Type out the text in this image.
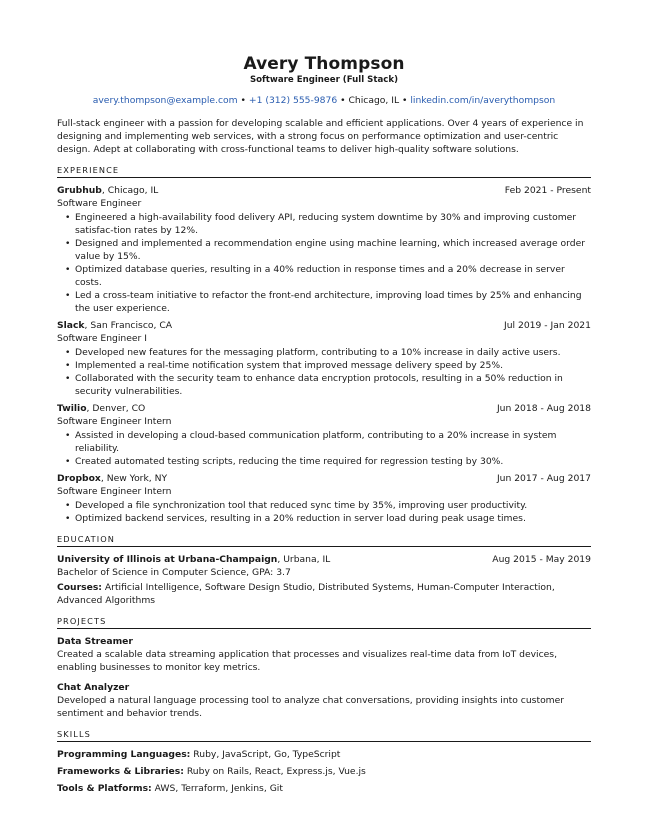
Avery Thompson
Software Engineer (Full Stack)
avery.thompson@example.com • +1 (312) 555-9876 • Chicago, IL • linkedin.com/in/averythompson
Full-stack engineer with a passion for developing scalable and efficient applications. Over 4 years of experience in designing and implementing web services, with a strong focus on performance optimization and user-centric design. Adept at collaborating with cross-functional teams to deliver high-quality software solutions.
EXPERIENCE
Grubhub, Chicago, IL	Feb 2021 - Present
Software Engineer
• Engineered a high-availability food delivery API, reducing system downtime by 30% and improving customer satisfac-tion rates by 12%.
• Designed and implemented a recommendation engine using machine learning, which increased average order value by 15%.
• Optimized database queries, resulting in a 40% reduction in response times and a 20% decrease in server costs.
• Led a cross-team initiative to refactor the front-end architecture, improving load times by 25% and enhancing the user experience.
Slack, San Francisco, CA	Jul 2019 - Jan 2021
Software Engineer I
• Developed new features for the messaging platform, contributing to a 10% increase in daily active users.
• Implemented a real-time notification system that improved message delivery speed by 25%.
• Collaborated with the security team to enhance data encryption protocols, resulting in a 50% reduction in security vulnerabilities.
Twilio, Denver, CO	Jun 2018 - Aug 2018
Software Engineer Intern
• Assisted in developing a cloud-based communication platform, contributing to a 20% increase in system reliability.
• Created automated testing scripts, reducing the time required for regression testing by 30%.
Dropbox, New York, NY	Jun 2017 - Aug 2017
Software Engineer Intern
• Developed a file synchronization tool that reduced sync time by 35%, improving user productivity.
• Optimized backend services, resulting in a 20% reduction in server load during peak usage times.
EDUCATION
University of Illinois at Urbana-Champaign, Urbana, IL	Aug 2015 - May 2019
Bachelor of Science in Computer Science, GPA: 3.7
Courses: Artificial Intelligence, Software Design Studio, Distributed Systems, Human-Computer Interaction, Advanced Algorithms
PROJECTS
Data Streamer
Created a scalable data streaming application that processes and visualizes real-time data from IoT devices, enabling businesses to monitor key metrics.
Chat Analyzer
Developed a natural language processing tool to analyze chat conversations, providing insights into customer sentiment and behavior trends.
SKILLS
Programming Languages: Ruby, JavaScript, Go, TypeScript
Frameworks & Libraries: Ruby on Rails, React, Express.js, Vue.js
Tools & Platforms: AWS, Terraform, Jenkins, Git
